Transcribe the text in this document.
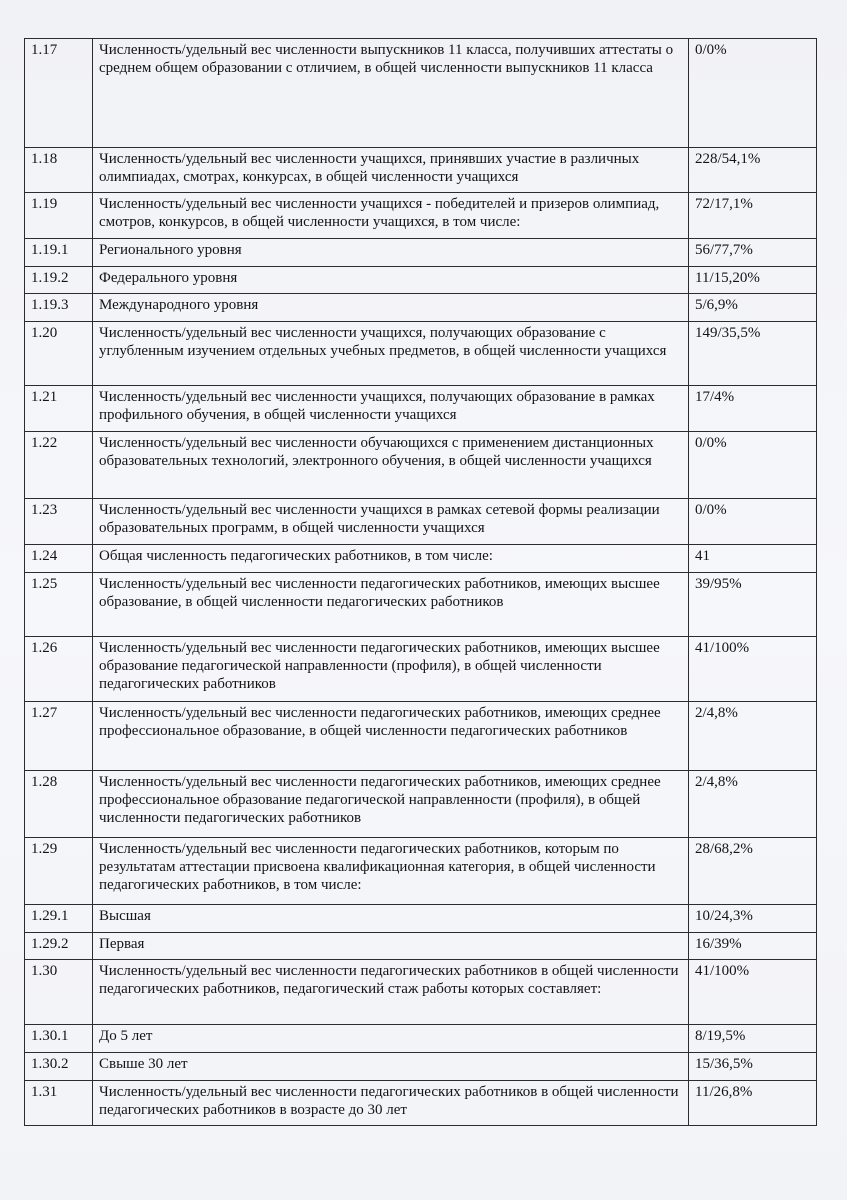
1.17	Численность/удельный вес численности выпускников 11 класса, получивших аттестаты о среднем общем образовании с отличием, в общей численности выпускников 11 класса	0/0%
1.18	Численность/удельный вес численности учащихся, принявших участие в различных олимпиадах, смотрах, конкурсах, в общей численности учащихся	228/54,1%
1.19	Численность/удельный вес численности учащихся - победителей и призеров олимпиад, смотров, конкурсов, в общей численности учащихся, в том числе:	72/17,1%
1.19.1	Регионального уровня	56/77,7%
1.19.2	Федерального уровня	11/15,20%
1.19.3	Международного уровня	5/6,9%
1.20	Численность/удельный вес численности учащихся, получающих образование с углубленным изучением отдельных учебных предметов, в общей численности учащихся	149/35,5%
1.21	Численность/удельный вес численности учащихся, получающих образование в рамках профильного обучения, в общей численности учащихся	17/4%
1.22	Численность/удельный вес численности обучающихся с применением дистанционных образовательных технологий, электронного обучения, в общей численности учащихся	0/0%
1.23	Численность/удельный вес численности учащихся в рамках сетевой формы реализации образовательных программ, в общей численности учащихся	0/0%
1.24	Общая численность педагогических работников, в том числе:	41
1.25	Численность/удельный вес численности педагогических работников, имеющих высшее образование, в общей численности педагогических работников	39/95%
1.26	Численность/удельный вес численности педагогических работников, имеющих высшее образование педагогической направленности (профиля), в общей численности педагогических работников	41/100%
1.27	Численность/удельный вес численности педагогических работников, имеющих среднее профессиональное образование, в общей численности педагогических работников	2/4,8%
1.28	Численность/удельный вес численности педагогических работников, имеющих среднее профессиональное образование педагогической направленности (профиля), в общей численности педагогических работников	2/4,8%
1.29	Численность/удельный вес численности педагогических работников, которым по результатам аттестации присвоена квалификационная категория, в общей численности педагогических работников, в том числе:	28/68,2%
1.29.1	Высшая	10/24,3%
1.29.2	Первая	16/39%
1.30	Численность/удельный вес численности педагогических работников в общей численности педагогических работников, педагогический стаж работы которых составляет:	41/100%
1.30.1	До 5 лет	8/19,5%
1.30.2	Свыше 30 лет	15/36,5%
1.31	Численность/удельный вес численности педагогических работников в общей численности педагогических работников в возрасте до 30 лет	11/26,8%
